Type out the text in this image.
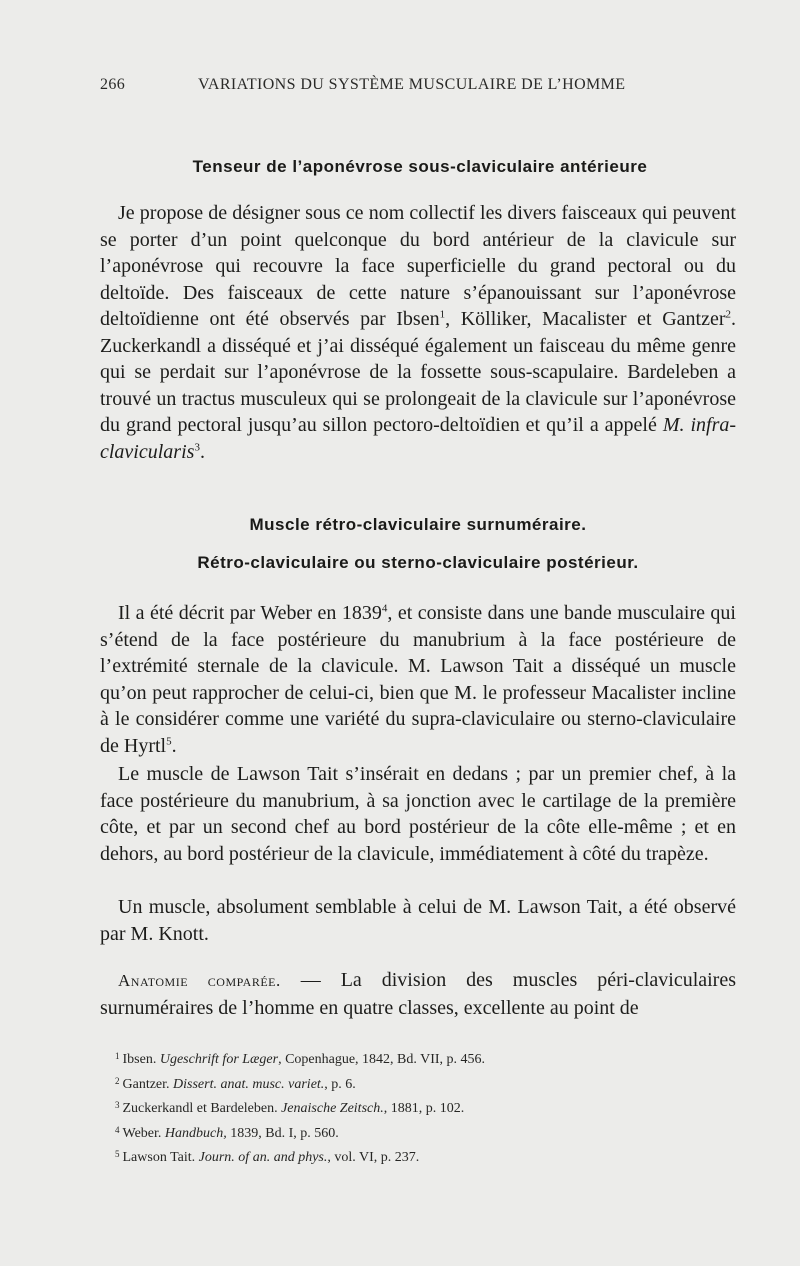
266	VARIATIONS DU SYSTÈME MUSCULAIRE DE L’HOMME
Tenseur de l’aponévrose sous-claviculaire antérieure

Je propose de désigner sous ce nom collectif les divers faisceaux qui peuvent se porter d’un point quelconque du bord antérieur de la clavicule sur l’aponévrose qui recouvre la face superficielle du grand pectoral ou du deltoïde. Des faisceaux de cette nature s’épanouissant sur l’aponévrose deltoïdienne ont été observés par Ibsen$^1$, Kölliker, Macalister et Gantzer$^2$. Zuckerkandl a disséqué et j’ai disséqué également un faisceau du même genre qui se perdait sur l’aponévrose de la fossette sous-scapulaire. Bardeleben a trouvé un tractus musculeux qui se prolongeait de la clavicule sur l’aponévrose du grand pectoral jusqu’au sillon pectoro-deltoïdien et qu’il a appelé M. infra-clavicularis$^3$.

Muscle rétro-claviculaire surnuméraire.
Rétro-claviculaire ou sterno-claviculaire postérieur.

Il a été décrit par Weber en 1839$^4$, et consiste dans une bande musculaire qui s’étend de la face postérieure du manubrium à la face postérieure de l’extrémité sternale de la clavicule. M. Lawson Tait a disséqué un muscle qu’on peut rapprocher de celui-ci, bien que M. le professeur Macalister incline à le considérer comme une variété du supra-claviculaire ou sterno-claviculaire de Hyrtl$^5$.

Le muscle de Lawson Tait s’insérait en dedans ; par un premier chef, à la face postérieure du manubrium, à sa jonction avec le cartilage de la première côte, et par un second chef au bord postérieur de la côte elle-même ; et en dehors, au bord postérieur de la clavicule, immédiatement à côté du trapèze.

Un muscle, absolument semblable à celui de M. Lawson Tait, a été observé par M. Knott.

Anatomie comparée. — La division des muscles péri-claviculaires surnuméraires de l’homme en quatre classes, excellente au point de

$^1$ Ibsen. Ugeschrift for Læger, Copenhague, 1842, Bd. VII, p. 456.
$^2$ Gantzer. Dissert. anat. musc. variet., p. 6.
$^3$ Zuckerkandl et Bardeleben. Jenaische Zeitsch., 1881, p. 102.
$^4$ Weber. Handbuch, 1839, Bd. I, p. 560.
$^5$ Lawson Tait. Journ. of an. and phys., vol. VI, p. 237.
